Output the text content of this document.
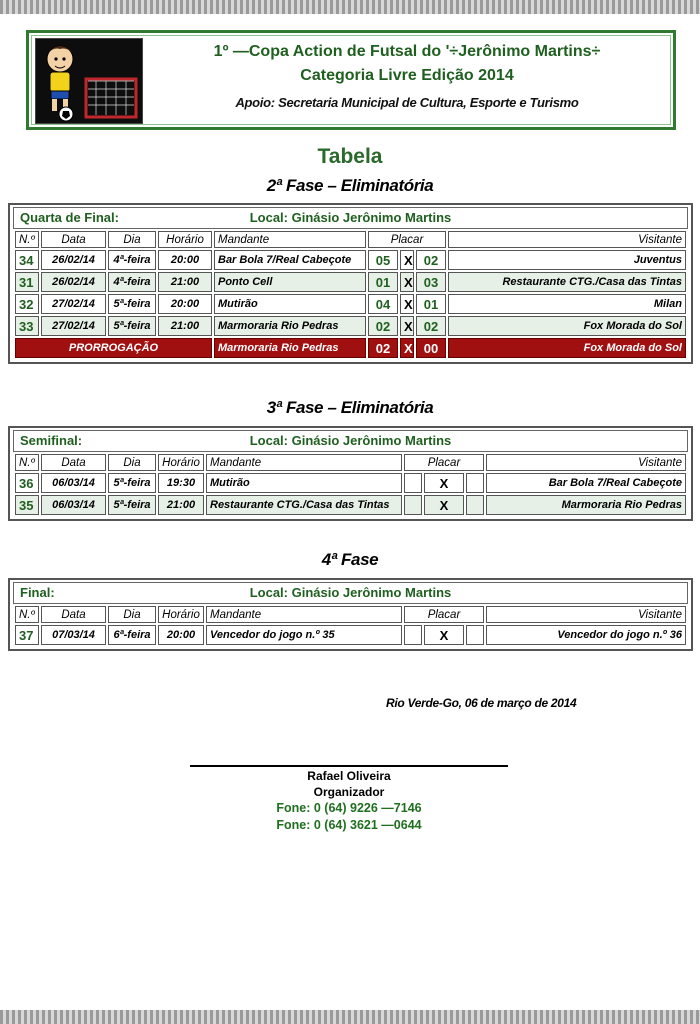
1º —Copa Action de Futsal do '÷Jerônimo Martins÷
Categoria Livre Edição 2014
Apoio: Secretaria Municipal de Cultura, Esporte e Turismo
Tabela
2ª Fase – Eliminatória
Quarta de Final:	Local: Ginásio Jerônimo Martins
N.º	Data	Dia	Horário	Mandante	Placar			Visitante
34	26/02/14	4ª-feira	20:00	Bar Bola 7/Real Cabeçote	05	X	02	Juventus
31	26/02/14	4ª-feira	21:00	Ponto Cell	01	X	03	Restaurante CTG./Casa das Tintas
32	27/02/14	5ª-feira	20:00	Mutirão	04	X	01	Milan
33	27/02/14	5ª-feira	21:00	Marmoraria Rio Pedras	02	X	02	Fox Morada do Sol
PRORROGAÇÃO				Marmoraria Rio Pedras	02	X	00	Fox Morada do Sol
3ª Fase – Eliminatória
Semifinal:	Local: Ginásio Jerônimo Martins
N.º	Data	Dia	Horário	Mandante	Placar			Visitante
36	06/03/14	5ª-feira	19:30	Mutirão		X		Bar Bola 7/Real Cabeçote
35	06/03/14	5ª-feira	21:00	Restaurante CTG./Casa das Tintas		X		Marmoraria Rio Pedras
4ª Fase
Final:	Local: Ginásio Jerônimo Martins
N.º	Data	Dia	Horário	Mandante	Placar			Visitante
37	07/03/14	6ª-feira	20:00	Vencedor do jogo n.º 35		X		Vencedor do jogo n.º 36
Rio Verde-Go, 06 de março de 2014
Rafael Oliveira
Organizador
Fone: 0 (64) 9226 —7146
Fone: 0 (64) 3621 —0644
